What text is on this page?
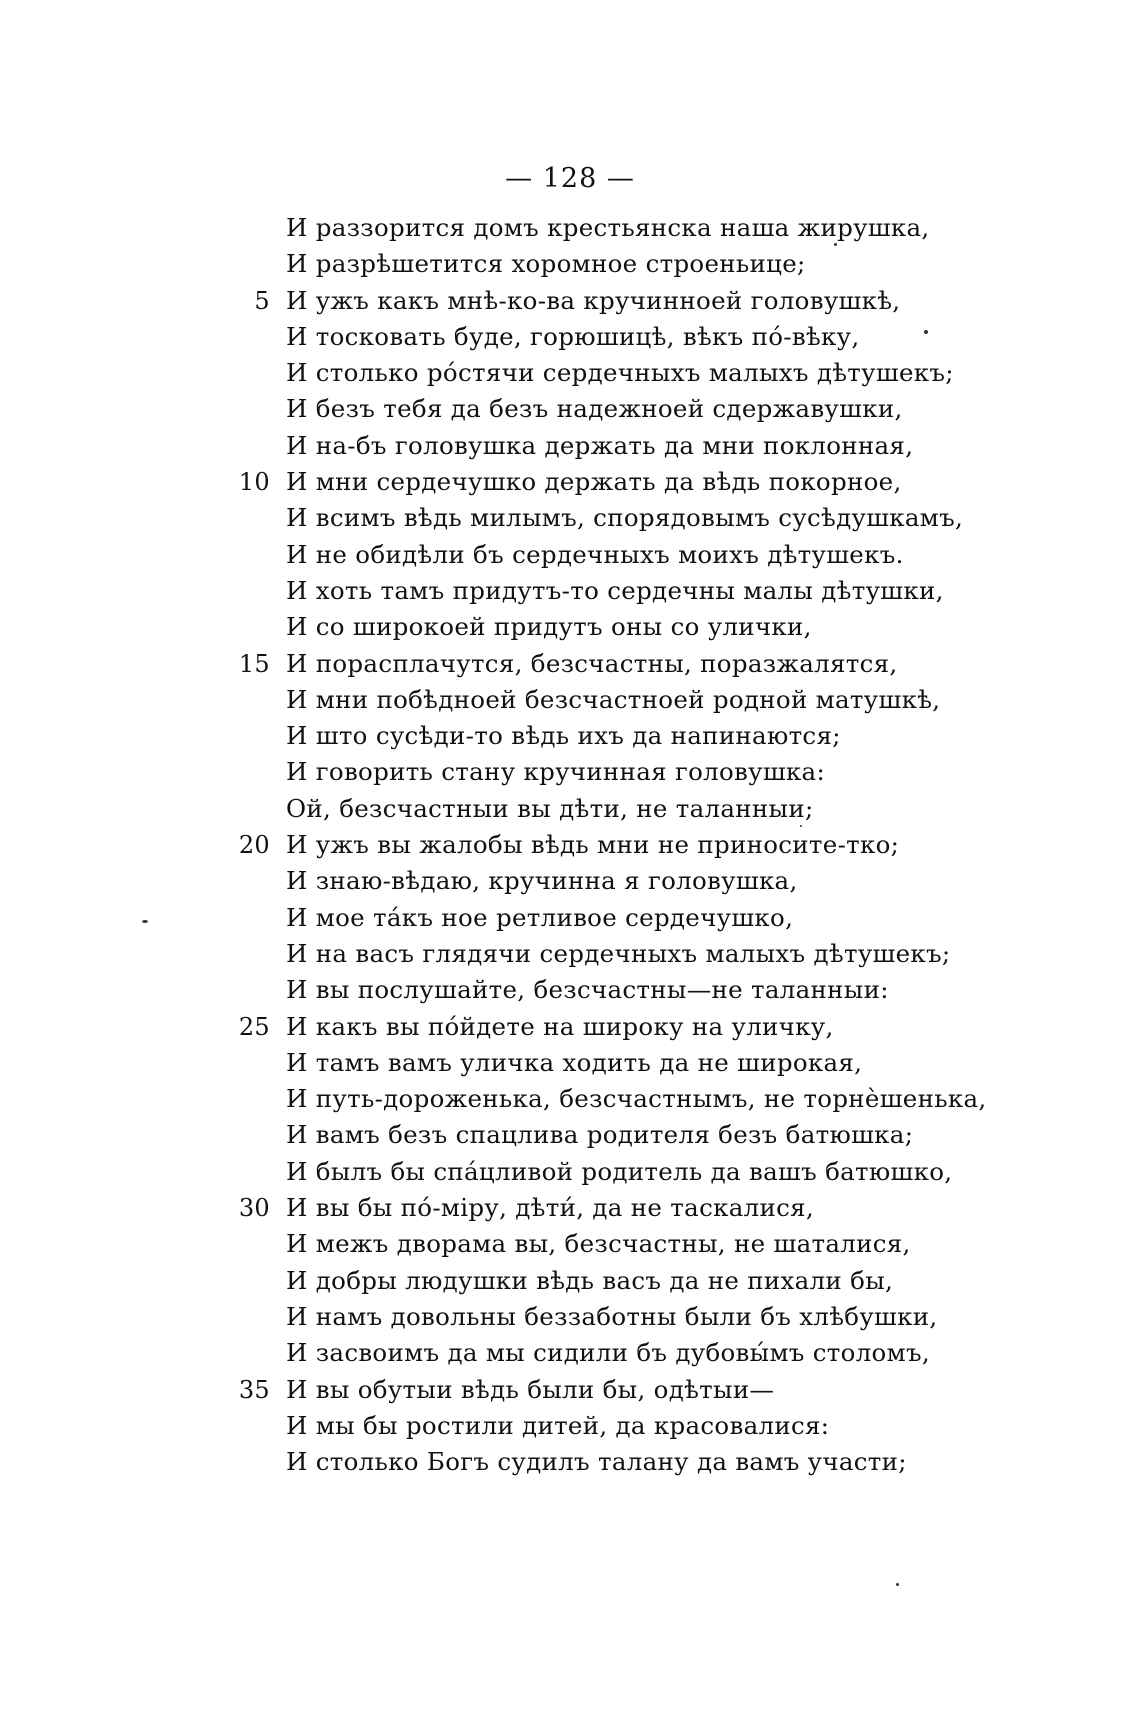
— 128 —
И раззорится домъ крестьянска наша жирушка,
И разрѣшетится хоромное строеньице;
5 И ужъ какъ мнѣ-ко-ва кручинноей головушкѣ,
И тосковать буде, горюшицѣ, вѣкъ по́-вѣку,
И столько ро́стячи сердечныхъ малыхъ дѣтушекъ;
И безъ тебя да безъ надежноей сдержавушки,
И на-бъ головушка держать да мни поклонная,
10 И мни сердечушко держать да вѣдь покорное,
И всимъ вѣдь милымъ, спорядовымъ сусѣдушкамъ,
И не обидѣли бъ сердечныхъ моихъ дѣтушекъ.
И хоть тамъ придутъ-то сердечны малы дѣтушки,
И со широкоей придутъ оны со улички,
15 И порасплачутся, безсчастны, поразжалятся,
И мни побѣдноей безсчастноей родной матушкѣ,
И што сусѣди-то вѣдь ихъ да напинаются;
И говорить стану кручинная головушка:
Ой, безсчастныи вы дѣти, не таланныи;
20 И ужъ вы жалобы вѣдь мни не приносите-тко;
И знаю-вѣдаю, кручинна я головушка,
И мое та́къ ное ретливое сердечушко,
И на васъ глядячи сердечныхъ малыхъ дѣтушекъ;
И вы послушайте, безсчастны—не таланныи:
25 И какъ вы по́йдете на широку на уличку,
И тамъ вамъ уличка ходить да не широкая,
И путь-дороженька, безсчастнымъ, не торнѐшенька,
И вамъ безъ спацлива родителя безъ батюшка;
И былъ бы спа́цливой родитель да вашъ батюшко,
30 И вы бы по́-міру, дѣти́, да не таскалися,
И межъ дворама вы, безсчастны, не шаталися,
И добры людушки вѣдь васъ да не пихали бы,
И намъ довольны беззаботны были бъ хлѣбушки,
И засвоимъ да мы сидили бъ дубовы́мъ столомъ,
35 И вы обутыи вѣдь были бы, одѣтыи—
И мы бы ростили дитей, да красовалися:
И столько Богъ судилъ талану да вамъ участи;
